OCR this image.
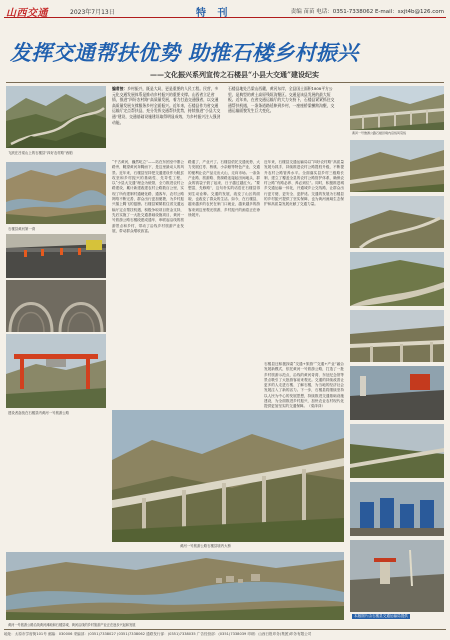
山西交通	2023年7月13日	特 刊	责编 苗苗 电话：0351-7338062 E-mail：sxjt4b@126.com
发挥交通帮扶优势 助推石楼乡村振兴
——文化振兴系列宣传之石楼县“小县大交通”建设纪实
飞跃在吕梁山上的石楼县“四好农村路”西舶
编者按：乡村振兴，既是大局，更是重要的人民工程。民营，多元化交通发展体系是推动乡村振兴的重要支撑。山西省立足省情，推进“四好农村路”高质量发展，着力打造交通强省，以交通高质量发展支撑服务乡村全面振兴。近年来，石楼县作为省交通运输厅定点帮扶县，充分发挥交通帮扶优势，持续推进“小县大交通”建设，交通基础设施建设取得明显成效，为乡村振兴注入强劲动能。
石楼县地处吕梁山西麓，黄河东岸，全县国土面积1808平方公里，是典型的黄土高原残垣沟壑区。交通是该县发展的最大短板。近年来，在省交通运输厅的大力支持下，石楼县紧紧抓住交通帮扶机遇，一条条道路延伸到乡村，一座座桥梁横跨沟壑，交通运输面貌发生巨大变化。
黄河一号旅游公路石楼县境内沿线风景线
石楼县黄河第一湾
建设者奋战在石楼县内黄河一号旅游公路
“千古黄河，巍然屹立”——站在东团至中寨公路旁，眺望黄河奔腾而下，是这里最动人的风景。近年来，石楼县坚持把交通建设作为脱贫攻坚和乡村振兴的基础性、先导性工程，以“小县大交通”理念为统领，全力推进农村公路建设，累计新建改建农村公路数百公里，实现了所有建制村通硬化路、通客车，农村公路网络不断完善，群众出行更加便捷，为乡村振兴插上腾飞的翅膀。石楼县紧紧抓住省交通运输厅定点帮扶机遇，积极争取项目资金支持，先后实施了一大批交通基础设施项目，黄河一号旅游公路石楼段建成通车，串联起沿线的旅游景点和乡村，带动了沿线乡村旅游产业发展，带动群众增收致富。
路通了，产业兴了。石楼县依托交通优势，大力发展红枣、核桃、小杂粮等特色产业，交通的便利让农产品走出大山，走向市场。一条条产业路、旅游路、资源路连接起田间地头，群众的钱袋子鼓了起来，日子越过越红火。“要想富，先修路”，这句朴实的话语在石楼县得到生动诠释。交通的发展，改变了山区的面貌，也改变了群众的生活。如今，在石楼县，越来越多的农民在家门口就业，越来越多的游客来到这里观光旅游，乡村振兴的画卷正在徐徐展开。
近年来，石楼县交通运输局以“四好农村路”高质量发展为抓手，持续推进农村公路提档升级，不断提升农村公路管养水平。全面落实县乡村三级路长制，建立了覆盖全县的农村公路管护体系，确保农村公路“有路必养、养必到位”。同时，积极推进城乡交通运输一体化，开通城乡公交线路，让群众出行更方便、更安全、更舒适。交通的发展为石楼县的乡村振兴提供了坚实保障，也为黄河流域生态保护和高质量发展贡献了交通力量。
黄河一号旅游公路石楼县境内大桥
石楼县还积极探索“交通+旅游”“交通+产业”融合发展新模式，依托黄河一号旅游公路，打造了一批乡村旅游示范点，沿线的黄河奇湾、东征纪念馆等景点吸引了大批游客前来观光。交通的持续改善让更多的人走进石楼、了解石楼，为当地的经济社会发展注入了新的活力。下一步，石楼县将继续坚持以人民为中心的发展思想，持续推进交通基础设施建设，为全面推进乡村振兴、加快农业农村现代化提供更加坚实的交通保障。（梁泽泽）
黄河一号旅游公路沿线黄河滩地和石楼县城，黄河沿线的乡村旅游产业正在逐步兴起和发展
本版图片由石楼县交通运输局提供
地址：太原市学府街101号 邮编：030006 采编部：(0351)7338027 (0351)7338062 通联发行部：(0351)7338035 广告经营部：(0351)7338039 印刷：山西日报印务(集团)印务有限公司
